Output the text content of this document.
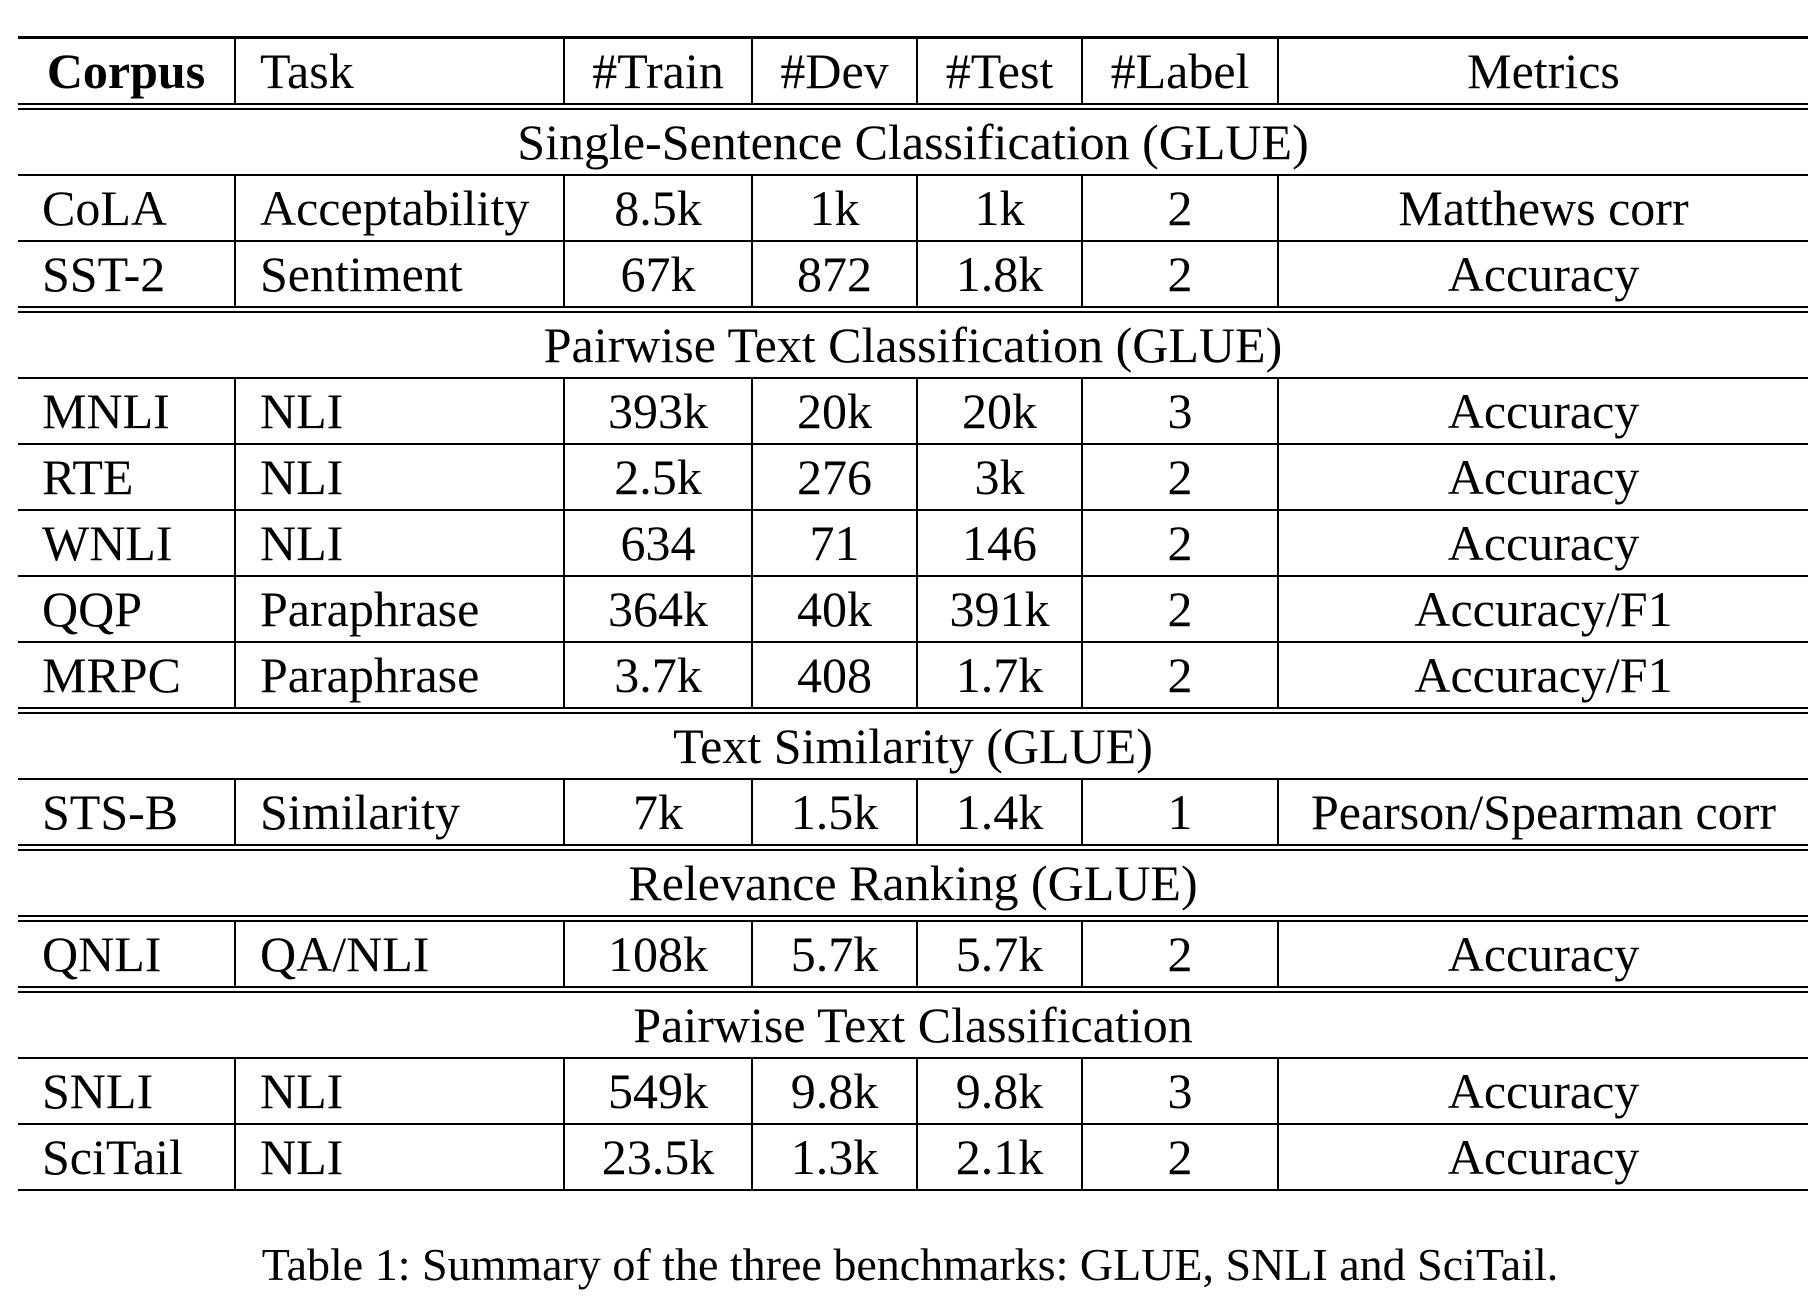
Corpus	Task	#Train	#Dev	#Test	#Label	Metrics
Single-Sentence Classification (GLUE)						
CoLA	Acceptability	8.5k	1k	1k	2	Matthews corr
SST-2	Sentiment	67k	872	1.8k	2	Accuracy
Pairwise Text Classification (GLUE)						
MNLI	NLI	393k	20k	20k	3	Accuracy
RTE	NLI	2.5k	276	3k	2	Accuracy
WNLI	NLI	634	71	146	2	Accuracy
QQP	Paraphrase	364k	40k	391k	2	Accuracy/F1
MRPC	Paraphrase	3.7k	408	1.7k	2	Accuracy/F1
Text Similarity (GLUE)						
STS-B	Similarity	7k	1.5k	1.4k	1	Pearson/Spearman corr
Relevance Ranking (GLUE)						
QNLI	QA/NLI	108k	5.7k	5.7k	2	Accuracy
Pairwise Text Classification						
SNLI	NLI	549k	9.8k	9.8k	3	Accuracy
SciTail	NLI	23.5k	1.3k	2.1k	2	Accuracy
Table 1: Summary of the three benchmarks: GLUE, SNLI and SciTail.
